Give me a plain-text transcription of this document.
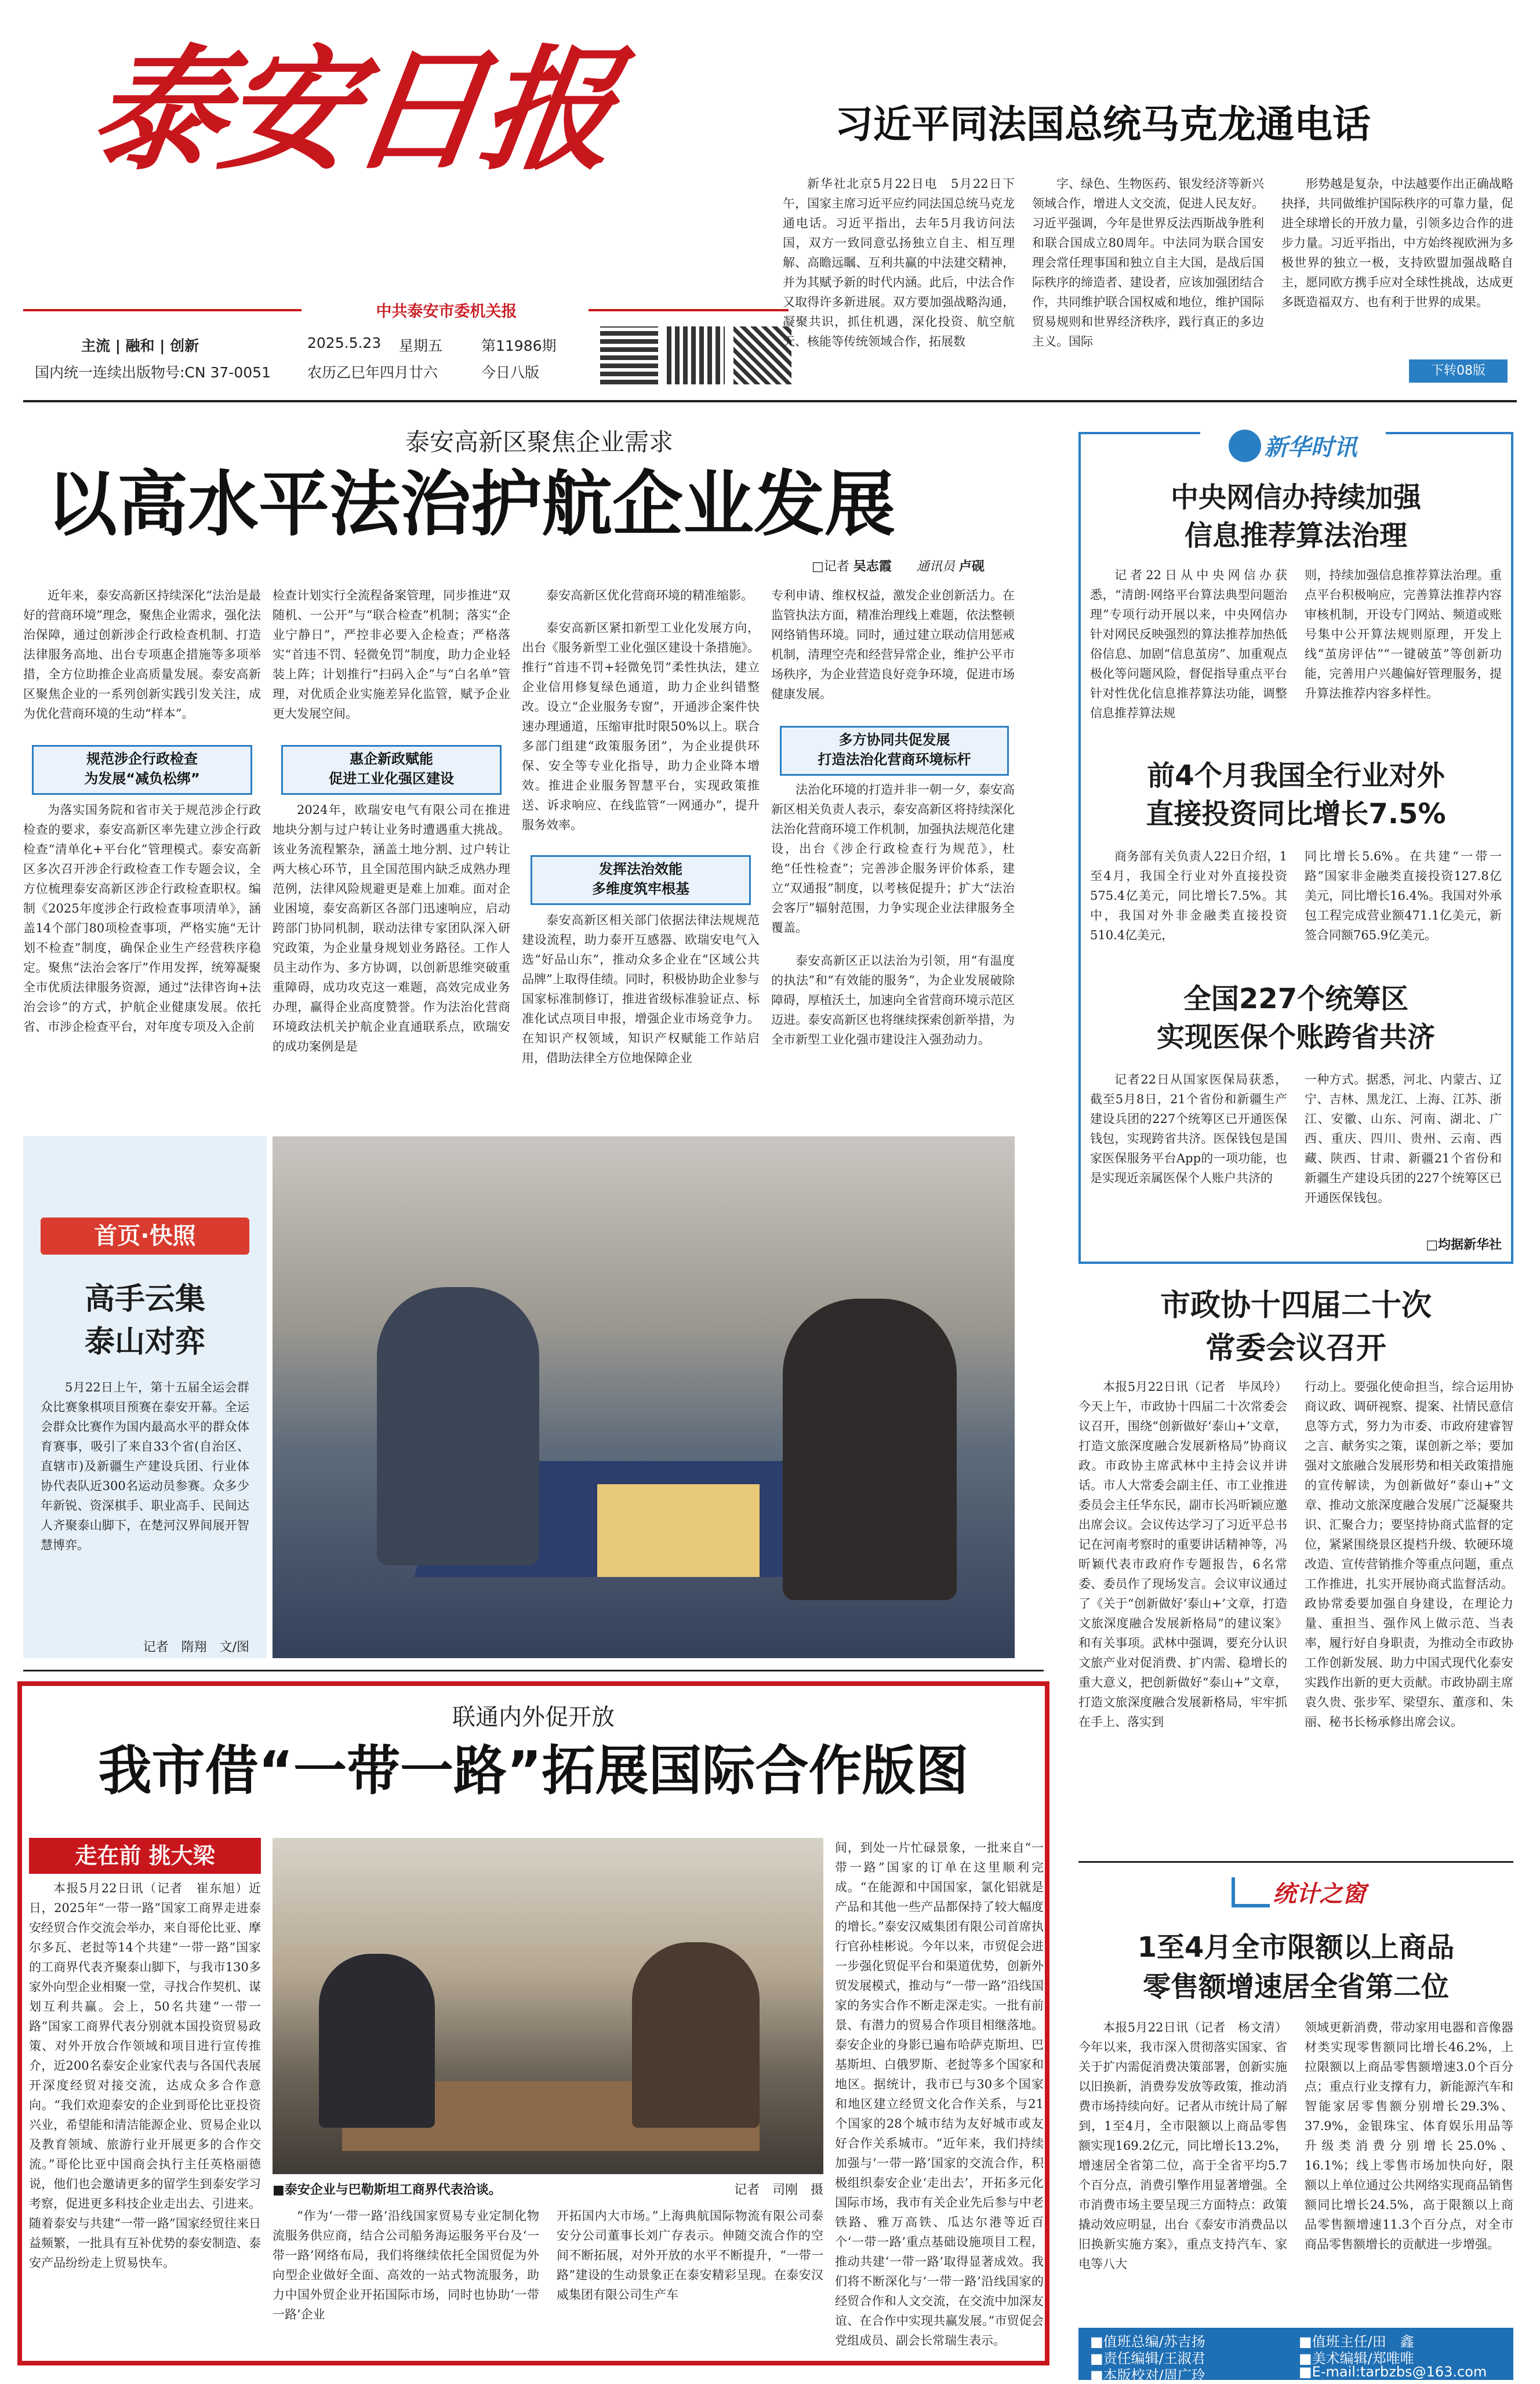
泰安日报
中共泰安市委机关报
主流 | 融和 | 创新
国内统一连续出版物号:CN 37-0051
2025.5.23 星期五	第11986期
农历乙巳年四月廿六	今日八版
习近平同法国总统马克龙通电话

新华社北京5月22日电　5月22日下午，国家主席习近平应约同法国总统马克龙通电话。习近平指出，去年5月我访问法国，双方一致同意弘扬独立自主、相互理解、高瞻远瞩、互利共赢的中法建交精神，并为其赋予新的时代内涵。此后，中法合作又取得许多新进展。双方要加强战略沟通，凝聚共识，抓住机遇，深化投资、航空航天、核能等传统领域合作，拓展数

字、绿色、生物医药、银发经济等新兴领域合作，增进人文交流，促进人民友好。习近平强调，今年是世界反法西斯战争胜利和联合国成立80周年。中法同为联合国安理会常任理事国和独立自主大国，是战后国际秩序的缔造者、建设者，应该加强团结合作，共同维护联合国权威和地位，维护国际贸易规则和世界经济秩序，践行真正的多边主义。国际

形势越是复杂，中法越要作出正确战略抉择，共同做维护国际秩序的可靠力量，促进全球增长的开放力量，引领多边合作的进步力量。习近平指出，中方始终视欧洲为多极世界的独立一极，支持欧盟加强战略自主，愿同欧方携手应对全球性挑战，达成更多既造福双方、也有利于世界的成果。

下转08版
泰安高新区聚焦企业需求
以高水平法治护航企业发展
□记者 吴志霞 通讯员 卢砚

近年来，泰安高新区持续深化“法治是最好的营商环境”理念，聚焦企业需求，强化法治保障，通过创新涉企行政检查机制、打造法律服务高地、出台专项惠企措施等多项举措，全方位助推企业高质量发展。泰安高新区聚焦企业的一系列创新实践引发关注，成为优化营商环境的生动“样本”。

规范涉企行政检查
为发展“减负松绑”

为落实国务院和省市关于规范涉企行政检查的要求，泰安高新区率先建立涉企行政检查“清单化+平台化”管理模式。泰安高新区多次召开涉企行政检查工作专题会议，全方位梳理泰安高新区涉企行政检查职权。编制《2025年度涉企行政检查事项清单》，涵盖14个部门80项检查事项，严格实施“无计划不检查”制度，确保企业生产经营秩序稳定。聚焦“法治会客厅”作用发挥，统筹凝聚全市优质法律服务资源，通过“法律咨询+法治会诊”的方式，护航企业健康发展。依托省、市涉企检查平台，对年度专项及入企前

检查计划实行全流程备案管理，同步推进“双随机、一公开”与“联合检查”机制；落实“企业宁静日”，严控非必要入企检查；严格落实“首违不罚、轻微免罚”制度，助力企业轻装上阵；计划推行“扫码入企”与“白名单”管理，对优质企业实施差异化监管，赋予企业更大发展空间。

惠企新政赋能
促进工业化强区建设

2024年，欧瑞安电气有限公司在推进地块分割与过户转让业务时遭遇重大挑战。该业务流程繁杂，涵盖土地分割、过户转让两大核心环节，且全国范围内缺乏成熟办理范例，法律风险规避更是难上加难。面对企业困境，泰安高新区各部门迅速响应，启动跨部门协同机制，联动法律专家团队深入研究政策，为企业量身规划业务路径。工作人员主动作为、多方协调，以创新思维突破重重障碍，成功攻克这一难题，高效完成业务办理，赢得企业高度赞誉。作为法治化营商环境政法机关护航企业直通联系点，欧瑞安的成功案例是是

泰安高新区优化营商环境的精准缩影。

泰安高新区紧扣新型工业化发展方向，出台《服务新型工业化强区建设十条措施》。推行“首违不罚+轻微免罚”柔性执法，建立企业信用修复绿色通道，助力企业纠错整改。设立“企业服务专窗”，开通涉企案件快速办理通道，压缩审批时限50%以上。联合多部门组建“政策服务团”，为企业提供环保、安全等专业化指导，助力企业降本增效。推进企业服务智慧平台，实现政策推送、诉求响应、在线监管“一网通办”，提升服务效率。

发挥法治效能
多维度筑牢根基

泰安高新区相关部门依据法律法规规范建设流程，助力泰开互感器、欧瑞安电气入选“好品山东”，推动众多企业在“区域公共品牌”上取得佳绩。同时，积极协助企业参与国家标准制修订，推进省级标准验证点、标准化试点项目申报，增强企业市场竞争力。在知识产权领域，知识产权赋能工作站启用，借助法律全方位地保障企业

专利申请、维权权益，激发企业创新活力。在监管执法方面，精准治理线上难题，依法整顿网络销售环境。同时，通过建立联动信用惩戒机制，清理空壳和经营异常企业，维护公平市场秩序，为企业营造良好竞争环境，促进市场健康发展。

多方协同共促发展
打造法治化营商环境标杆

法治化环境的打造并非一朝一夕，泰安高新区相关负责人表示，泰安高新区将持续深化法治化营商环境工作机制，加强执法规范化建设，出台《涉企行政检查行为规范》，杜绝“任性检查”；完善涉企服务评价体系，建立“双通报”制度，以考核促提升；扩大“法治会客厅”辐射范围，力争实现企业法律服务全覆盖。

泰安高新区正以法治为引领，用“有温度的执法”和“有效能的服务”，为企业发展破除障碍，厚植沃土，加速向全省营商环境示范区迈进。泰安高新区也将继续探索创新举措，为全市新型工业化强市建设注入强劲动力。

首页·快照
高手云集
泰山对弈

5月22日上午，第十五届全运会群众比赛象棋项目预赛在泰安开幕。全运会群众比赛作为国内最高水平的群众体育赛事，吸引了来自33个省(自治区、直辖市)及新疆生产建设兵团、行业体协代表队近300名运动员参赛。众多少年新锐、资深棋手、职业高手、民间达人齐聚泰山脚下，在楚河汉界间展开智慧博弈。

记者　隋翔　文/图
联通内外促开放
我市借“一带一路”拓展国际合作版图
走在前 挑大梁

本报5月22日讯（记者　崔东旭）近日，2025年“一带一路”国家工商界走进泰安经贸合作交流会举办，来自哥伦比亚、摩尔多瓦、老挝等14个共建“一带一路”国家的工商界代表齐聚泰山脚下，与我市130多家外向型企业相聚一堂，寻找合作契机、谋划互利共赢。会上，50名共建“一带一路”国家工商界代表分别就本国投资贸易政策、对外开放合作领域和项目进行宣传推介，近200名泰安企业家代表与各国代表展开深度经贸对接交流，达成众多合作意向。“我们欢迎泰安的企业到哥伦比亚投资兴业，希望能和清洁能源企业、贸易企业以及教育领域、旅游行业开展更多的合作交流。”哥伦比亚中国商会执行主任英格丽德说，他们也会邀请更多的留学生到泰安学习考察，促进更多科技企业走出去、引进来。随着泰安与共建“一带一路”国家经贸往来日益频繁，一批具有互补优势的泰安制造、泰安产品纷纷走上贸易快车。

■泰安企业与巴勒斯坦工商界代表洽谈。	记者　司刚　摄

“作为‘一带一路’沿线国家贸易专业定制化物流服务供应商，结合公司船务海运服务平台及‘一带一路’网络布局，我们将继续依托全国贸促为外向型企业做好全面、高效的一站式物流服务，助力中国外贸企业开拓国际市场，同时也协助‘一带一路’企业

开拓国内大市场。”上海典航国际物流有限公司泰安分公司董事长刘广存表示。伸随交流合作的空间不断拓展，对外开放的水平不断提升，“一带一路”建设的生动景象正在泰安精彩呈现。在泰安汉威集团有限公司生产车

间，到处一片忙碌景象，一批来自“一带一路”国家的订单在这里顺利完成。“在能源和中国国家，氯化铝就是产品和其他一些产品都保持了较大幅度的增长。”泰安汉威集团有限公司首席执行官孙桂彬说。今年以来，市贸促会进一步强化贸促平台和渠道优势，创新外贸发展模式，推动与“一带一路”沿线国家的务实合作不断走深走实。一批有前景、有潜力的贸易合作项目相继落地。泰安企业的身影已遍布哈萨克斯坦、巴基斯坦、白俄罗斯、老挝等多个国家和地区。据统计，我市已与30多个国家和地区建立经贸文化合作关系，与21个国家的28个城市结为友好城市或友好合作关系城市。“近年来，我们持续加强与‘一带一路’国家的交流合作，积极组织泰安企业‘走出去’，开拓多元化国际市场，我市有关企业先后参与中老铁路、雅万高铁、瓜达尔港等近百个‘一带一路’重点基础设施项目工程，推动共建‘一带一路’取得显著成效。我们将不断深化与‘一带一路’沿线国家的经贸合作和人文交流，在交流中加深友谊、在合作中实现共赢发展。”市贸促会党组成员、副会长常瑞生表示。

新华时讯
中央网信办持续加强
信息推荐算法治理

记者22日从中央网信办获悉，“清朗·网络平台算法典型问题治理”专项行动开展以来，中央网信办针对网民反映强烈的算法推荐加热低俗信息、加剧“信息茧房”、加重观点极化等问题风险，督促指导重点平台针对性优化信息推荐算法功能，调整信息推荐算法规

则，持续加强信息推荐算法治理。重点平台积极响应，完善算法推荐内容审核机制，开设专门网站、频道或账号集中公开算法规则原理，开发上线“茧房评估”“一键破茧”等创新功能，完善用户兴趣偏好管理服务，提升算法推荐内容多样性。

前4个月我国全行业对外
直接投资同比增长7.5%

商务部有关负责人22日介绍，1至4月，我国全行业对外直接投资575.4亿美元，同比增长7.5%。其中，我国对外非金融类直接投资510.4亿美元，

同比增长5.6%。在共建“一带一路”国家非金融类直接投资127.8亿美元，同比增长16.4%。我国对外承包工程完成营业额471.1亿美元，新签合同额765.9亿美元。

全国227个统筹区
实现医保个账跨省共济

记者22日从国家医保局获悉，截至5月8日，21个省份和新疆生产建设兵团的227个统筹区已开通医保钱包，实现跨省共济。医保钱包是国家医保服务平台App的一项功能，也是实现近亲属医保个人账户共济的

一种方式。据悉，河北、内蒙古、辽宁、吉林、黑龙江、上海、江苏、浙江、安徽、山东、河南、湖北、广西、重庆、四川、贵州、云南、西藏、陕西、甘肃、新疆21个省份和新疆生产建设兵团的227个统筹区已开通医保钱包。

□均据新华社
市政协十四届二十次
常委会议召开

本报5月22日讯（记者　毕凤玲）今天上午，市政协十四届二十次常委会议召开，围绕“创新做好‘泰山+’文章，打造文旅深度融合发展新格局”协商议政。市政协主席武林中主持会议并讲话。市人大常委会副主任、市工业推进委员会主任华东民，副市长冯昕颖应邀出席会议。会议传达学习了习近平总书记在河南考察时的重要讲话精神等，冯昕颖代表市政府作专题报告，6名常委、委员作了现场发言。会议审议通过了《关于“创新做好‘泰山+’文章，打造文旅深度融合发展新格局”的建议案》和有关事项。武林中强调，要充分认识文旅产业对促消费、扩内需、稳增长的重大意义，把创新做好“泰山+”文章，打造文旅深度融合发展新格局，牢牢抓在手上、落实到

行动上。要强化使命担当，综合运用协商议政、调研视察、提案、社情民意信息等方式，努力为市委、市政府建睿智之言、献务实之策，谋创新之举；要加强对文旅融合发展形势和相关政策措施的宣传解读，为创新做好“泰山+”文章、推动文旅深度融合发展广泛凝聚共识、汇聚合力；要坚持协商式监督的定位，紧紧围绕景区提档升级、软硬环境改造、宣传营销推介等重点问题，重点工作推进，扎实开展协商式监督活动。政协常委要加强自身建设，在理论力量、重担当、强作风上做示范、当表率，履行好自身职责，为推动全市政协工作创新发展、助力中国式现代化泰安实践作出新的更大贡献。市政协副主席袁久贵、张步军、梁望东、董彦和、朱丽、秘书长杨承修出席会议。

统计之窗
1至4月全市限额以上商品
零售额增速居全省第二位

本报5月22日讯（记者　杨文清）今年以来，我市深入贯彻落实国家、省关于扩内需促消费决策部署，创新实施以旧换新，消费券发放等政策，推动消费市场持续向好。记者从市统计局了解到，1至4月，全市限额以上商品零售额实现169.2亿元，同比增长13.2%，增速居全省第二位，高于全省平均5.7个百分点，消费引擎作用显著增强。全市消费市场主要呈现三方面特点：政策撬动效应明显，出台《泰安市消费品以旧换新实施方案》，重点支持汽车、家电等八大

领域更新消费，带动家用电器和音像器材类实现零售额同比增长46.2%，上拉限额以上商品零售额增速3.0个百分点；重点行业支撑有力，新能源汽车和智能家居零售额分别增长29.3%、37.9%，金银珠宝、体育娱乐用品等升级类消费分别增长25.0%、16.1%；线上零售市场加快向好，限额以上单位通过公共网络实现商品销售额同比增长24.5%，高于限额以上商品零售额增速11.3个百分点，对全市商品零售额增长的贡献进一步增强。

■值班总编/苏吉扬	■值班主任/田　鑫
■责任编辑/王淑君	■美术编辑/郑唯唯
■本版校对/周广玲	■E-mail:tarbzbs@163.com
